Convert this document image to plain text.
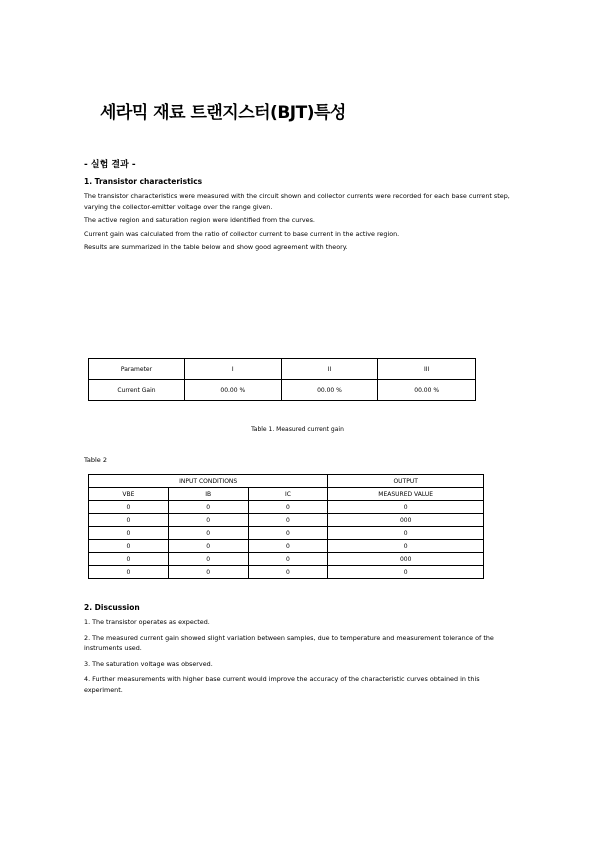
세라믹 재료 트랜지스터(BJT)특성
- 실험 결과 -
1. Transistor characteristics

The transistor characteristics were measured with the circuit shown and collector currents were recorded for each base current step, varying the collector-emitter voltage over the range given.

The active region and saturation region were identified from the curves.

Current gain was calculated from the ratio of collector current to base current in the active region.

Results are summarized in the table below and show good agreement with theory.

Parameter	I	II	III
Current Gain	00.00 %	00.00 %	00.00 %
Table 1. Measured current gain
Table 2
INPUT CONDITIONS			OUTPUT
VBE	IB	IC	MEASURED VALUE
0	0	0	0
0	0	0	000
0	0	0	0
0	0	0	0
0	0	0	000
0	0	0	0
2. Discussion

1. The transistor operates as expected.

2. The measured current gain showed slight variation between samples, due to temperature and measurement tolerance of the instruments used.

3. The saturation voltage was observed.

4. Further measurements with higher base current would improve the accuracy of the characteristic curves obtained in this experiment.
